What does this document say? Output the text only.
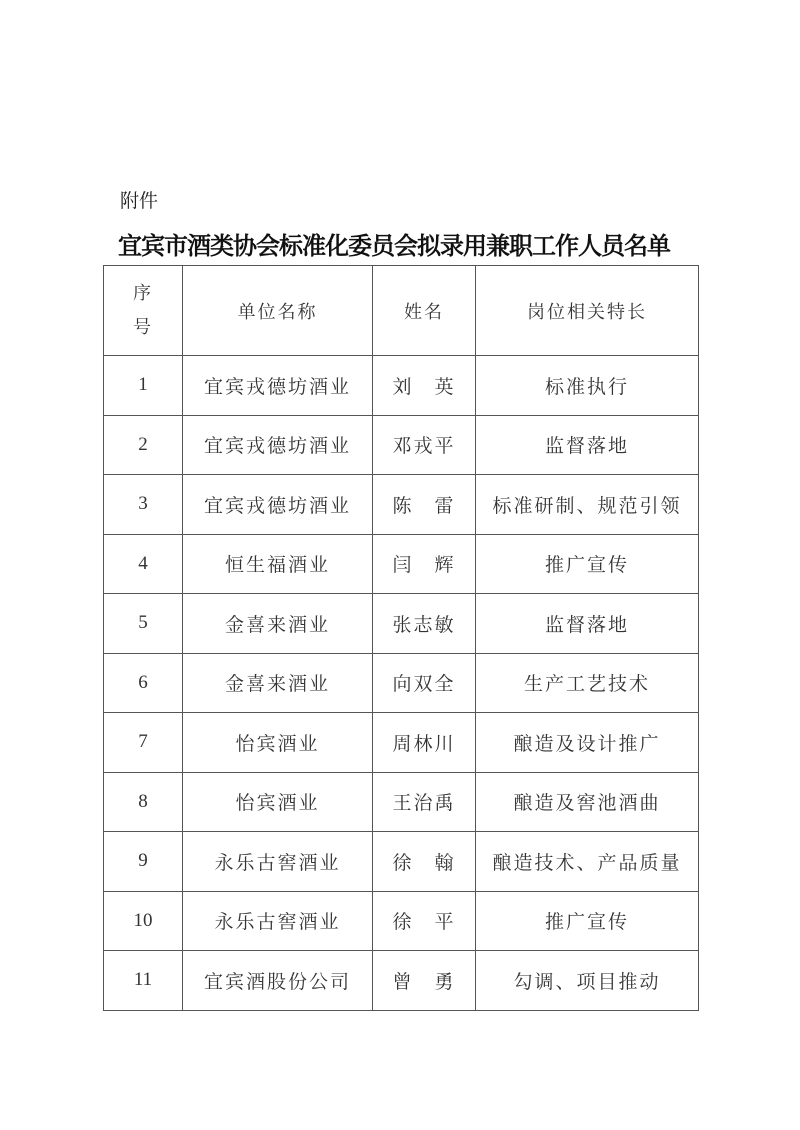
附件
宜宾市酒类协会标准化委员会拟录用兼职工作人员名单
序
号	单位名称	姓名	岗位相关特长
1	宜宾戎德坊酒业	刘　英	标准执行
2	宜宾戎德坊酒业	邓戎平	监督落地
3	宜宾戎德坊酒业	陈　雷	标准研制、规范引领
4	恒生福酒业	闫　辉	推广宣传
5	金喜来酒业	张志敏	监督落地
6	金喜来酒业	向双全	生产工艺技术
7	怡宾酒业	周林川	酿造及设计推广
8	怡宾酒业	王治禹	酿造及窖池酒曲
9	永乐古窖酒业	徐　翰	酿造技术、产品质量
10	永乐古窖酒业	徐　平	推广宣传
11	宜宾酒股份公司	曾　勇	勾调、项目推动
